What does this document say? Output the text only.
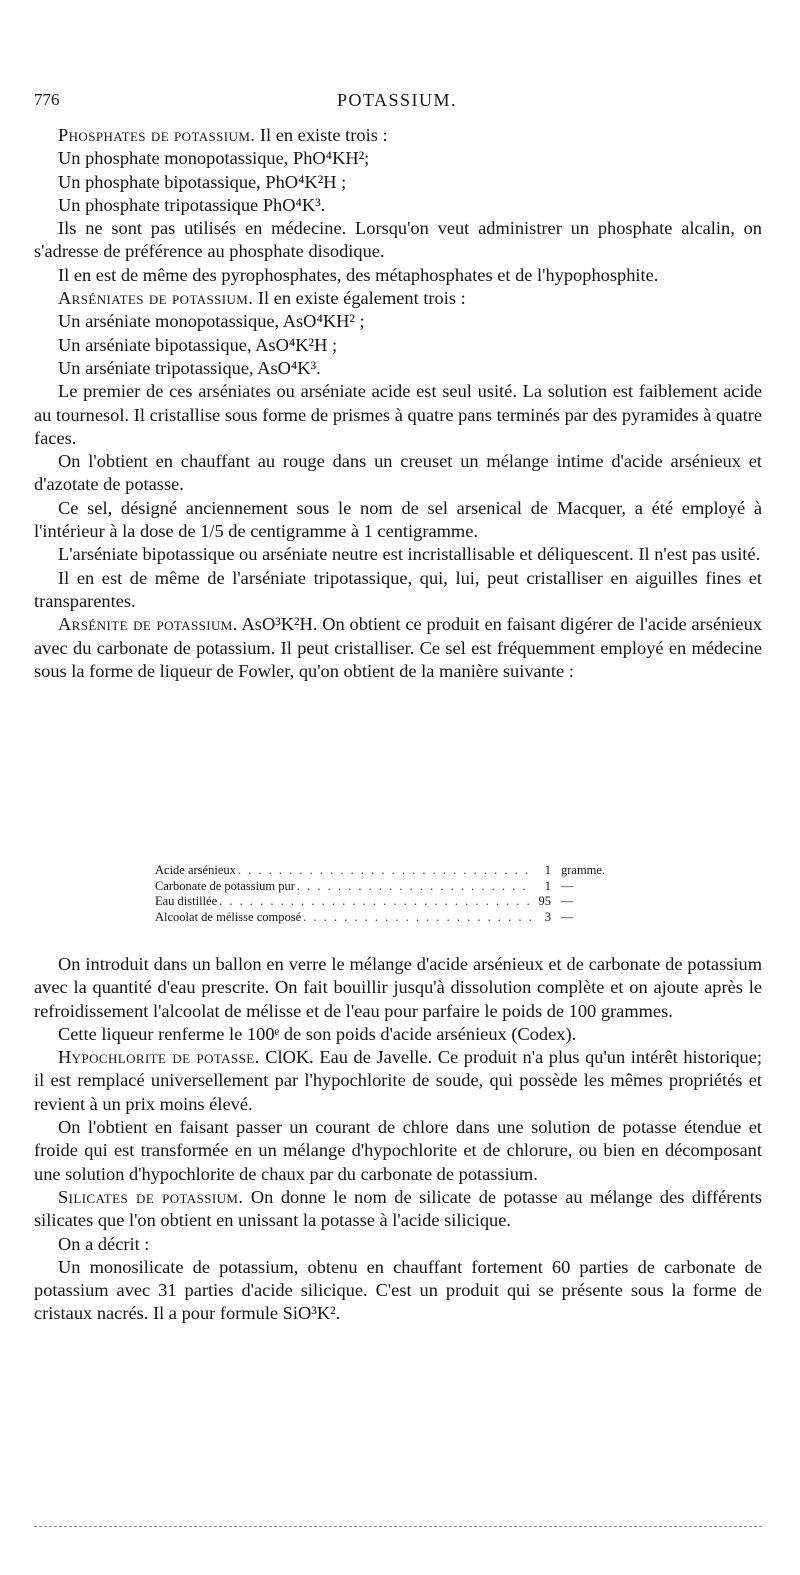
776	POTASSIUM.

Phosphates de potassium. Il en existe trois :

Un phosphate monopotassique, PhO⁴KH²;

Un phosphate bipotassique, PhO⁴K²H ;

Un phosphate tripotassique PhO⁴K³.

Ils ne sont pas utilisés en médecine. Lorsqu'on veut administrer un phosphate alcalin, on s'adresse de préférence au phosphate disodique.

Il en est de même des pyrophosphates, des métaphosphates et de l'hypophosphite.

Arséniates de potassium. Il en existe également trois :

Un arséniate monopotassique, AsO⁴KH² ;

Un arséniate bipotassique, AsO⁴K²H ;

Un arséniate tripotassique, AsO⁴K³.

Le premier de ces arséniates ou arséniate acide est seul usité. La solution est faiblement acide au tournesol. Il cristallise sous forme de prismes à quatre pans terminés par des pyramides à quatre faces.

On l'obtient en chauffant au rouge dans un creuset un mélange intime d'acide arsénieux et d'azotate de potasse.

Ce sel, désigné anciennement sous le nom de sel arsenical de Macquer, a été employé à l'intérieur à la dose de 1/5 de centigramme à 1 centigramme.

L'arséniate bipotassique ou arséniate neutre est incristallisable et déliquescent. Il n'est pas usité.

Il en est de même de l'arséniate tripotassique, qui, lui, peut cristalliser en aiguilles fines et transparentes.

Arsénite de potassium. AsO³K²H. On obtient ce produit en faisant digérer de l'acide arsénieux avec du carbonate de potassium. Il peut cristalliser. Ce sel est fréquemment employé en médecine sous la forme de liqueur de Fowler, qu'on obtient de la manière suivante :

Acide arsénieux . . .	1 gramme.
Carbonate de potassium pur . . .	1 —
Eau distillée . . .	95 —
Alcoolat de mélisse composé . . .	3 —

On introduit dans un ballon en verre le mélange d'acide arsénieux et de carbonate de potassium avec la quantité d'eau prescrite. On fait bouillir jusqu'à dissolution complète et on ajoute après le refroidissement l'alcoolat de mélisse et de l'eau pour parfaire le poids de 100 grammes.

Cette liqueur renferme le 100ᵉ de son poids d'acide arsénieux (Codex).

Hypochlorite de potasse. ClOK. Eau de Javelle. Ce produit n'a plus qu'un intérêt historique; il est remplacé universellement par l'hypochlorite de soude, qui possède les mêmes propriétés et revient à un prix moins élevé.

On l'obtient en faisant passer un courant de chlore dans une solution de potasse étendue et froide qui est transformée en un mélange d'hypochlorite et de chlorure, ou bien en décomposant une solution d'hypochlorite de chaux par du carbonate de potassium.

Silicates de potassium. On donne le nom de silicate de potasse au mélange des différents silicates que l'on obtient en unissant la potasse à l'acide silicique.

On a décrit :

Un monosilicate de potassium, obtenu en chauffant fortement 60 parties de carbonate de potassium avec 31 parties d'acide silicique. C'est un produit qui se présente sous la forme de cristaux nacrés. Il a pour formule SiO³K².
